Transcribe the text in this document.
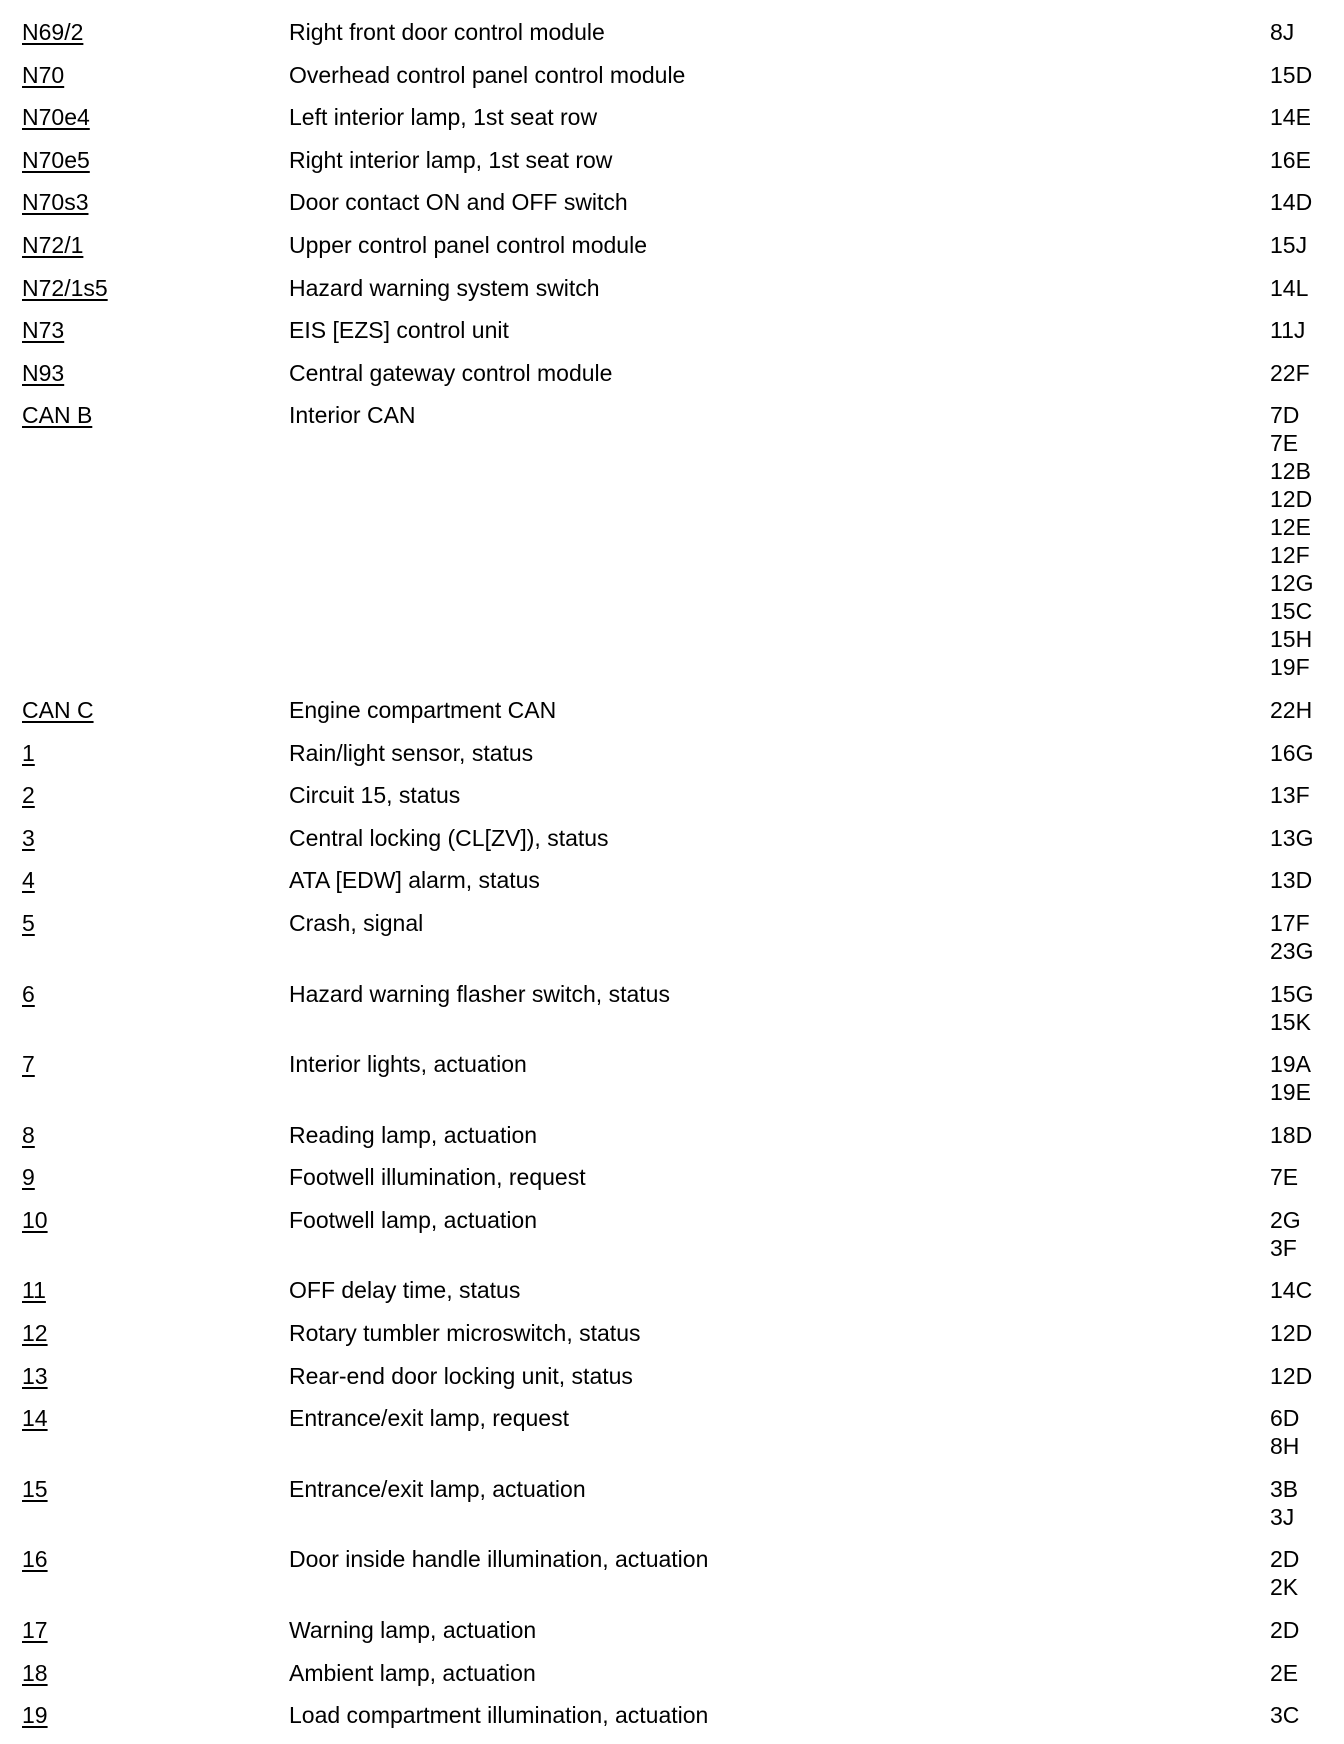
N69/2	Right front door control module	8J
N70	Overhead control panel control module	15D
N70e4	Left interior lamp, 1st seat row	14E
N70e5	Right interior lamp, 1st seat row	16E
N70s3	Door contact ON and OFF switch	14D
N72/1	Upper control panel control module	15J
N72/1s5	Hazard warning system switch	14L
N73	EIS [EZS] control unit	11J
N93	Central gateway control module	22F
CAN B	Interior CAN	7D
7E
12B
12D
12E
12F
12G
15C
15H
19F
CAN C	Engine compartment CAN	22H
1	Rain/light sensor, status	16G
2	Circuit 15, status	13F
3	Central locking (CL[ZV]), status	13G
4	ATA [EDW] alarm, status	13D
5	Crash, signal	17F
23G
6	Hazard warning flasher switch, status	15G
15K
7	Interior lights, actuation	19A
19E
8	Reading lamp, actuation	18D
9	Footwell illumination, request	7E
10	Footwell lamp, actuation	2G
3F
11	OFF delay time, status	14C
12	Rotary tumbler microswitch, status	12D
13	Rear-end door locking unit, status	12D
14	Entrance/exit lamp, request	6D
8H
15	Entrance/exit lamp, actuation	3B
3J
16	Door inside handle illumination, actuation	2D
2K
17	Warning lamp, actuation	2D
18	Ambient lamp, actuation	2E
19	Load compartment illumination, actuation	3C
